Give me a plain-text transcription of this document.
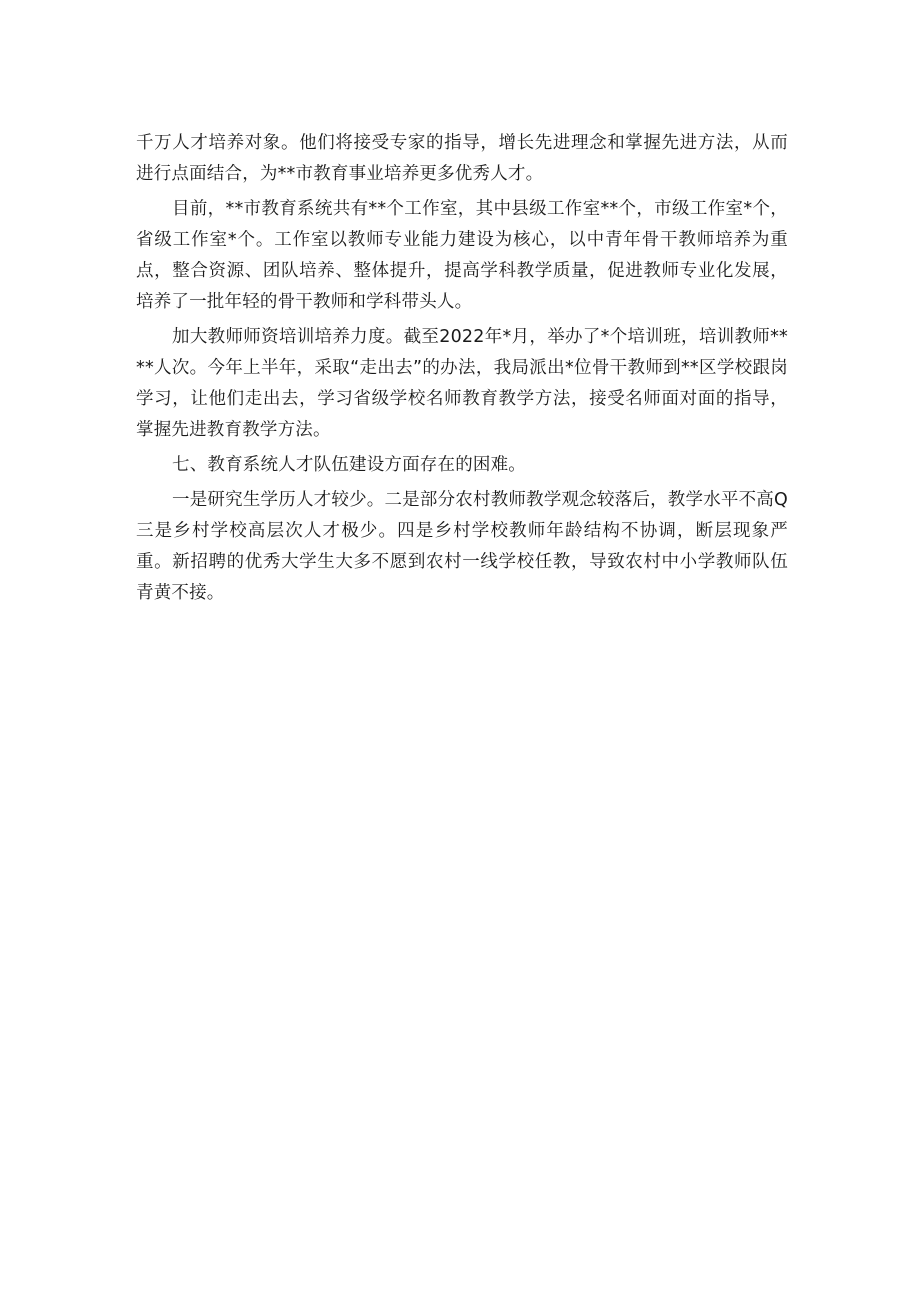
千万人才培养对象。他们将接受专家的指导，增长先进理念和掌握先进方法，从而进行点面结合，为**市教育事业培养更多优秀人才。

目前，**市教育系统共有**个工作室，其中县级工作室**个，市级工作室*个，省级工作室*个。工作室以教师专业能力建设为核心，以中青年骨干教师培养为重点，整合资源、团队培养、整体提升，提高学科教学质量，促进教师专业化发展，培养了一批年轻的骨干教师和学科带头人。

加大教师师资培训培养力度。截至2022年*月，举办了*个培训班，培训教师****人次。今年上半年，采取“走出去”的办法，我局派出*位骨干教师到**区学校跟岗学习，让他们走出去，学习省级学校名师教育教学方法，接受名师面对面的指导，掌握先进教育教学方法。

七、教育系统人才队伍建设方面存在的困难。

一是研究生学历人才较少。二是部分农村教师教学观念较落后，教学水平不高Q三是乡村学校高层次人才极少。四是乡村学校教师年龄结构不协调，断层现象严重。新招聘的优秀大学生大多不愿到农村一线学校任教，导致农村中小学教师队伍青黄不接。
